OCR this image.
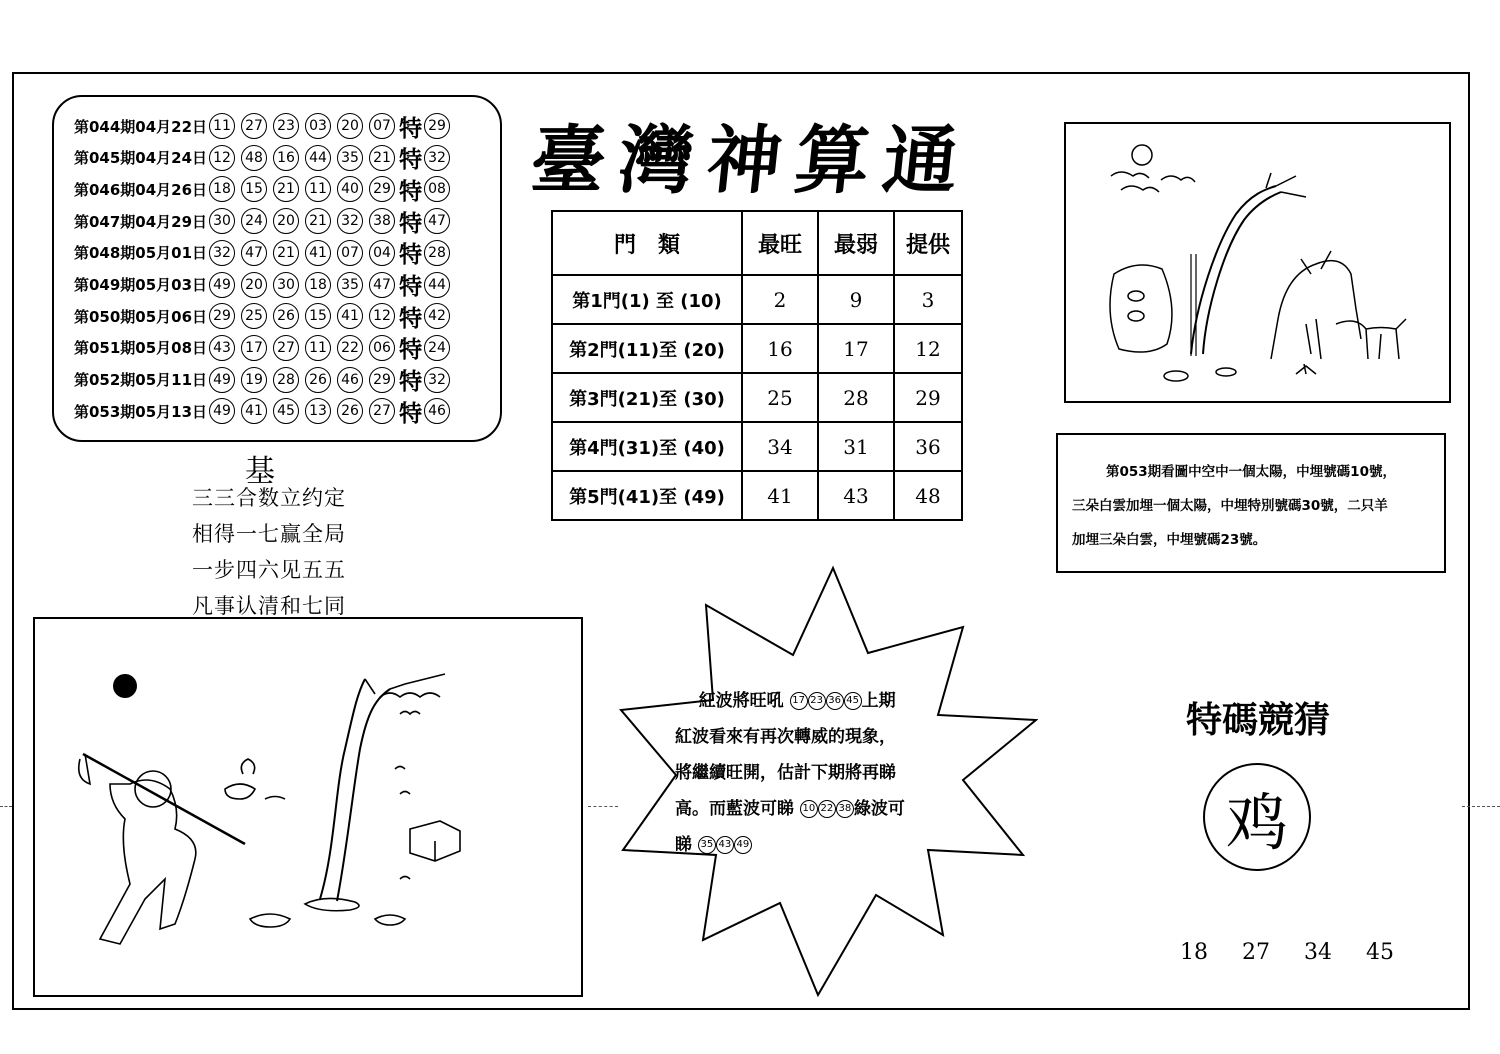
第044期04月22日 11 27 23 03 20 07 特 29
第045期04月24日 12 48 16 44 35 21 特 32
第046期04月26日 18 15 21 11 40 29 特 08
第047期04月29日 30 24 20 21 32 38 特 47
第048期05月01日 32 47 21 41 07 04 特 28
第049期05月03日 49 20 30 18 35 47 特 44
第050期05月06日 29 25 26 15 41 12 特 42
第051期05月08日 43 17 27 11 22 06 特 24
第052期05月11日 49 19 28 26 46 29 特 32
第053期05月13日 49 41 45 13 26 27 特 46
臺灣神算通
門　類	最旺	最弱	提供
第1門(1) 至 (10)	2	9	3
第2門(11)至 (20)	16	17	12
第3門(21)至 (30)	25	28	29
第4門(31)至 (40)	34	31	36
第5門(41)至 (49)	41	43	48
基
三三合数立约定
相得一七赢全局
一步四六见五五
凡事认清和七同
第053期看圖中空中一個太陽，中埋號碼10號，
三朵白雲加埋一個太陽，中埋特別號碼30號，二只羊
加埋三朵白雲，中埋號碼23號。
紅波將旺吼 17 23 36 45 上期
紅波看來有再次轉威的現象，
將繼續旺開，估計下期將再睇
高。而藍波可睇 10 22 38 綠波可
睇 35 43 49
特碼競猜
鸡
18  27  34  45
